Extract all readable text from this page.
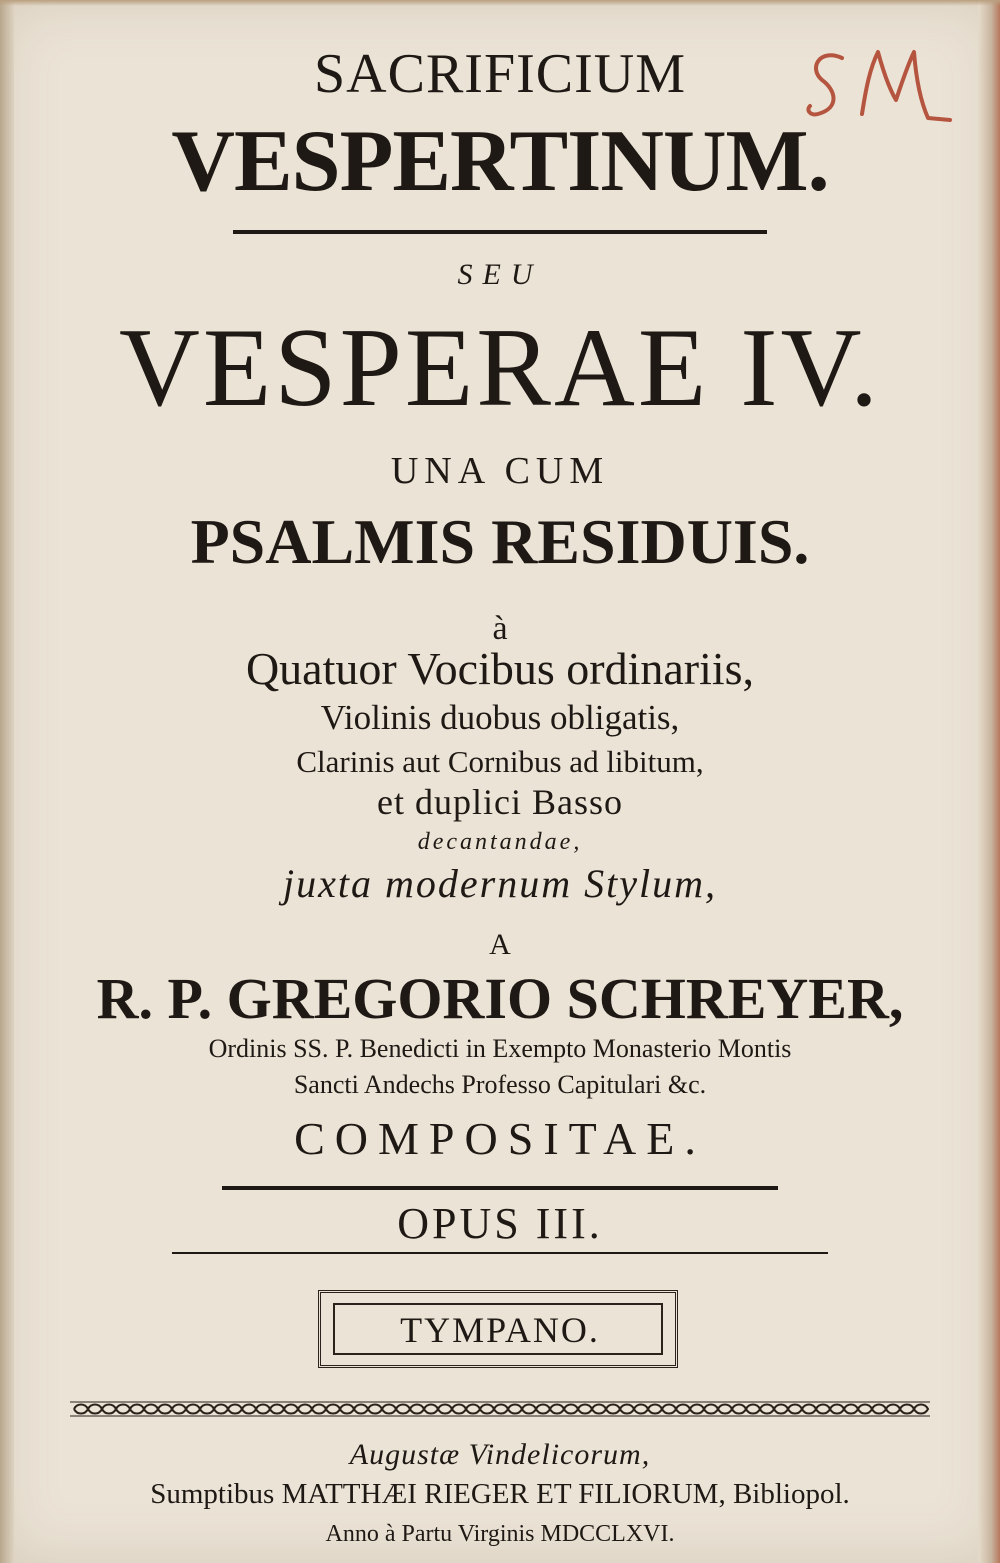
SACRIFICIUM
VESPERTINUM.
SEU
VESPERAE IV.
UNA CUM
PSALMIS RESIDUIS.
à
Quatuor Vocibus ordinariis,
Violinis duobus obligatis,
Clarinis aut Cornibus ad libitum,
et duplici Basso
decantandae,
juxta modernum Stylum,
A
R. P. GREGORIO SCHREYER,
Ordinis SS. P. Benedicti in Exempto Monasterio Montis
Sancti Andechs Professo Capitulari &c.
COMPOSITAE.
OPUS III.
TYMPANO.
Augustæ Vindelicorum,
Sumptibus MATTHÆI RIEGER ET FILIORUM, Bibliopol.
Anno à Partu Virginis MDCCLXVI.
